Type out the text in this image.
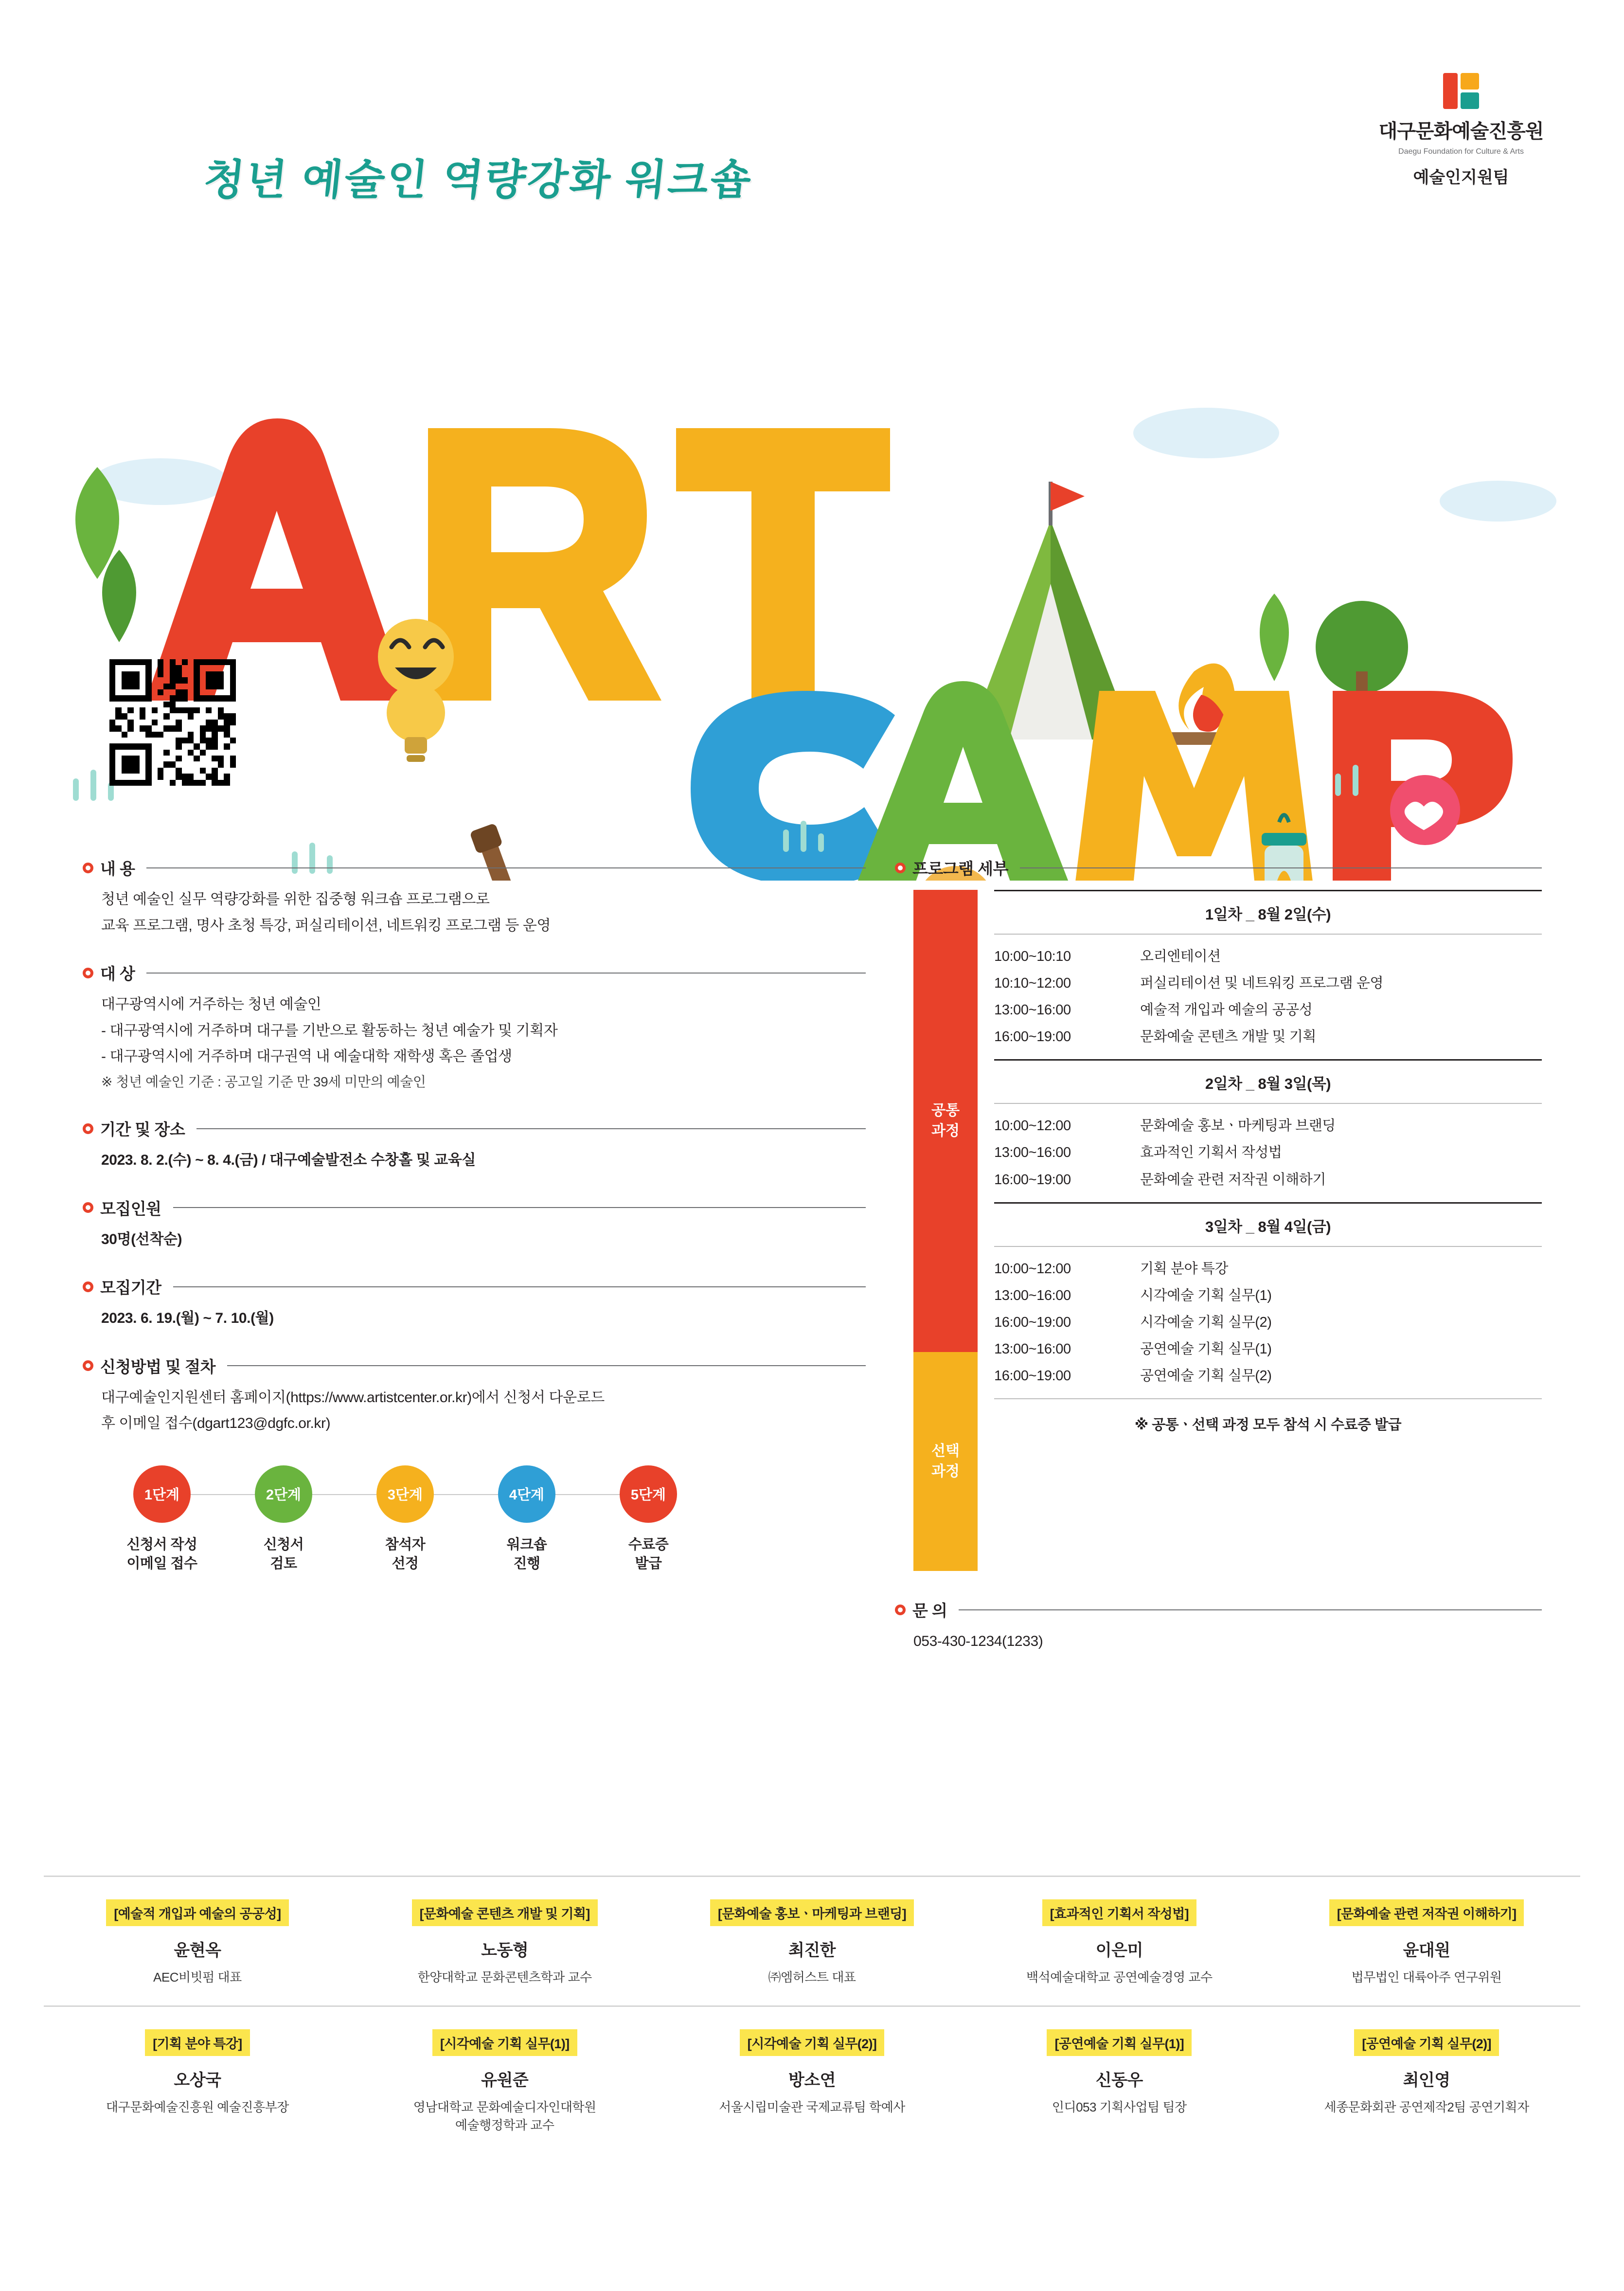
대구문화예술진흥원
Daegu Foundation for Culture & Arts
예술인지원팀
청년 예술인 역량강화 워크숍
내 용

청년 예술인 실무 역량강화를 위한 집중형 워크숍 프로그램으로

교육 프로그램, 명사 초청 특강, 퍼실리테이션, 네트워킹 프로그램 등 운영

대 상

대구광역시에 거주하는 청년 예술인

- 대구광역시에 거주하며 대구를 기반으로 활동하는 청년 예술가 및 기획자

- 대구광역시에 거주하며 대구권역 내 예술대학 재학생 혹은 졸업생

※ 청년 예술인 기준 : 공고일 기준 만 39세 미만의 예술인

기간 및 장소

2023. 8. 2.(수) ~ 8. 4.(금) / 대구예술발전소 수창홀 및 교육실

모집인원

30명(선착순)

모집기간

2023. 6. 19.(월) ~ 7. 10.(월)

신청방법 및 절차

대구예술인지원센터 홈페이지(https://www.artistcenter.or.kr)에서 신청서 다운로드

후 이메일 접수(dgart123@dgfc.or.kr)

1단계
신청서 작성
이메일 접수
2단계
신청서
검토
3단계
참석자
선정
4단계
워크숍
진행
5단계
수료증
발급
프로그램 세부
공통
과정
선택
과정
1일차 _ 8월 2일(수)
10:00~10:10	오리엔테이션
10:10~12:00	퍼실리테이션 및 네트워킹 프로그램 운영
13:00~16:00	예술적 개입과 예술의 공공성
16:00~19:00	문화예술 콘텐츠 개발 및 기획
2일차 _ 8월 3일(목)
10:00~12:00	문화예술 홍보ㆍ마케팅과 브랜딩
13:00~16:00	효과적인 기획서 작성법
16:00~19:00	문화예술 관련 저작권 이해하기
3일차 _ 8월 4일(금)
10:00~12:00	기획 분야 특강
13:00~16:00	시각예술 기획 실무(1)
16:00~19:00	시각예술 기획 실무(2)
13:00~16:00	공연예술 기획 실무(1)
16:00~19:00	공연예술 기획 실무(2)
※ 공통ㆍ선택 과정 모두 참석 시 수료증 발급
문 의

053-430-1234(1233)

[예술적 개입과 예술의 공공성]
윤현옥
AEC비빗펌 대표
[문화예술 콘텐츠 개발 및 기획]
노동형
한양대학교 문화콘텐츠학과 교수
[문화예술 홍보ㆍ마케팅과 브랜딩]
최진한
㈜엠허스트 대표
[효과적인 기획서 작성법]
이은미
백석예술대학교 공연예술경영 교수
[문화예술 관련 저작권 이해하기]
윤대원
법무법인 대륙아주 연구위원
[기획 분야 특강]
오상국
대구문화예술진흥원 예술진흥부장
[시각예술 기획 실무(1)]
유원준
영남대학교 문화예술디자인대학원
예술행정학과 교수
[시각예술 기획 실무(2)]
방소연
서울시립미술관 국제교류팀 학예사
[공연예술 기획 실무(1)]
신동우
인디053 기획사업팀 팀장
[공연예술 기획 실무(2)]
최인영
세종문화회관 공연제작2팀 공연기획자
